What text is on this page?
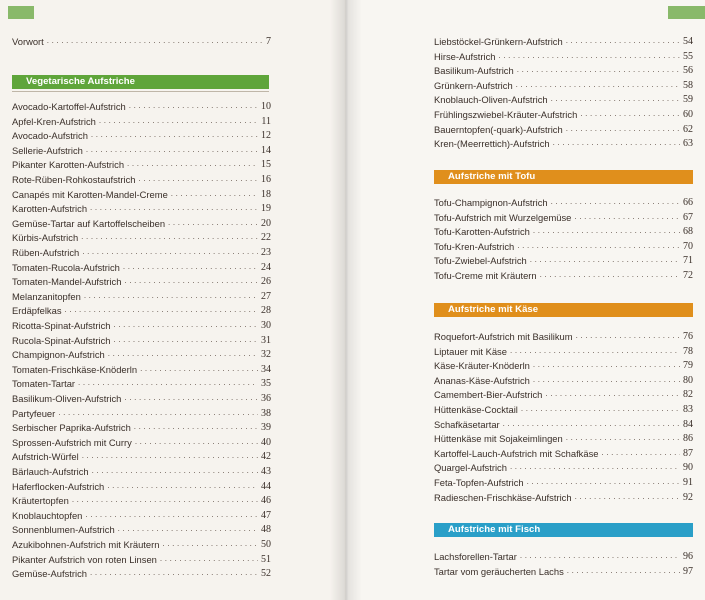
Vorwort . . .	7
Vegetarische Aufstriche
Avocado-Kartoffel-Aufstrich . . .	10
Apfel-Kren-Aufstrich . . .	11
Avocado-Aufstrich . . .	12
Sellerie-Aufstrich . . .	14
Pikanter Karotten-Aufstrich . . .	15
Rote-Rüben-Rohkostaufstrich . . .	16
Canapés mit Karotten-Mandel-Creme . . .	18
Karotten-Aufstrich . . .	19
Gemüse-Tartar auf Kartoffelscheiben . . .	20
Kürbis-Aufstrich . . .	22
Rüben-Aufstrich . . .	23
Tomaten-Rucola-Aufstrich . . .	24
Tomaten-Mandel-Aufstrich . . .	26
Melanzanitopfen . . .	27
Erdäpfelkas . . .	28
Ricotta-Spinat-Aufstrich . . .	30
Rucola-Spinat-Aufstrich . . .	31
Champignon-Aufstrich . . .	32
Tomaten-Frischkäse-Knöderln . . .	34
Tomaten-Tartar . . .	35
Basilikum-Oliven-Aufstrich . . .	36
Partyfeuer . . .	38
Serbischer Paprika-Aufstrich . . .	39
Sprossen-Aufstrich mit Curry . . .	40
Aufstrich-Würfel . . .	42
Bärlauch-Aufstrich . . .	43
Haferflocken-Aufstrich . . .	44
Kräutertopfen . . .	46
Knoblauchtopfen . . .	47
Sonnenblumen-Aufstrich . . .	48
Azukibohnen-Aufstrich mit Kräutern . . .	50
Pikanter Aufstrich von roten Linsen . . .	51
Gemüse-Aufstrich . . .	52
Liebstöckel-Grünkern-Aufstrich . . .	54
Hirse-Aufstrich . . .	55
Basilikum-Aufstrich . . .	56
Grünkern-Aufstrich . . .	58
Knoblauch-Oliven-Aufstrich . . .	59
Frühlingszwiebel-Kräuter-Aufstrich . . .	60
Bauerntopfen(-quark)-Aufstrich . . .	62
Kren-(Meerrettich)-Aufstrich . . .	63
Aufstriche mit Tofu
Tofu-Champignon-Aufstrich . . .	66
Tofu-Aufstrich mit Wurzelgemüse . . .	67
Tofu-Karotten-Aufstrich . . .	68
Tofu-Kren-Aufstrich . . .	70
Tofu-Zwiebel-Aufstrich . . .	71
Tofu-Creme mit Kräutern . . .	72
Aufstriche mit Käse
Roquefort-Aufstrich mit Basilikum . . .	76
Liptauer mit Käse . . .	78
Käse-Kräuter-Knöderln . . .	79
Ananas-Käse-Aufstrich . . .	80
Camembert-Bier-Aufstrich . . .	82
Hüttenkäse-Cocktail . . .	83
Schafkäsetartar . . .	84
Hüttenkäse mit Sojakeimlingen . . .	86
Kartoffel-Lauch-Aufstrich mit Schafkäse . . .	87
Quargel-Aufstrich . . .	90
Feta-Topfen-Aufstrich . . .	91
Radieschen-Frischkäse-Aufstrich . . .	92
Aufstriche mit Fisch
Lachsforellen-Tartar . . .	96
Tartar vom geräucherten Lachs . . .	97
